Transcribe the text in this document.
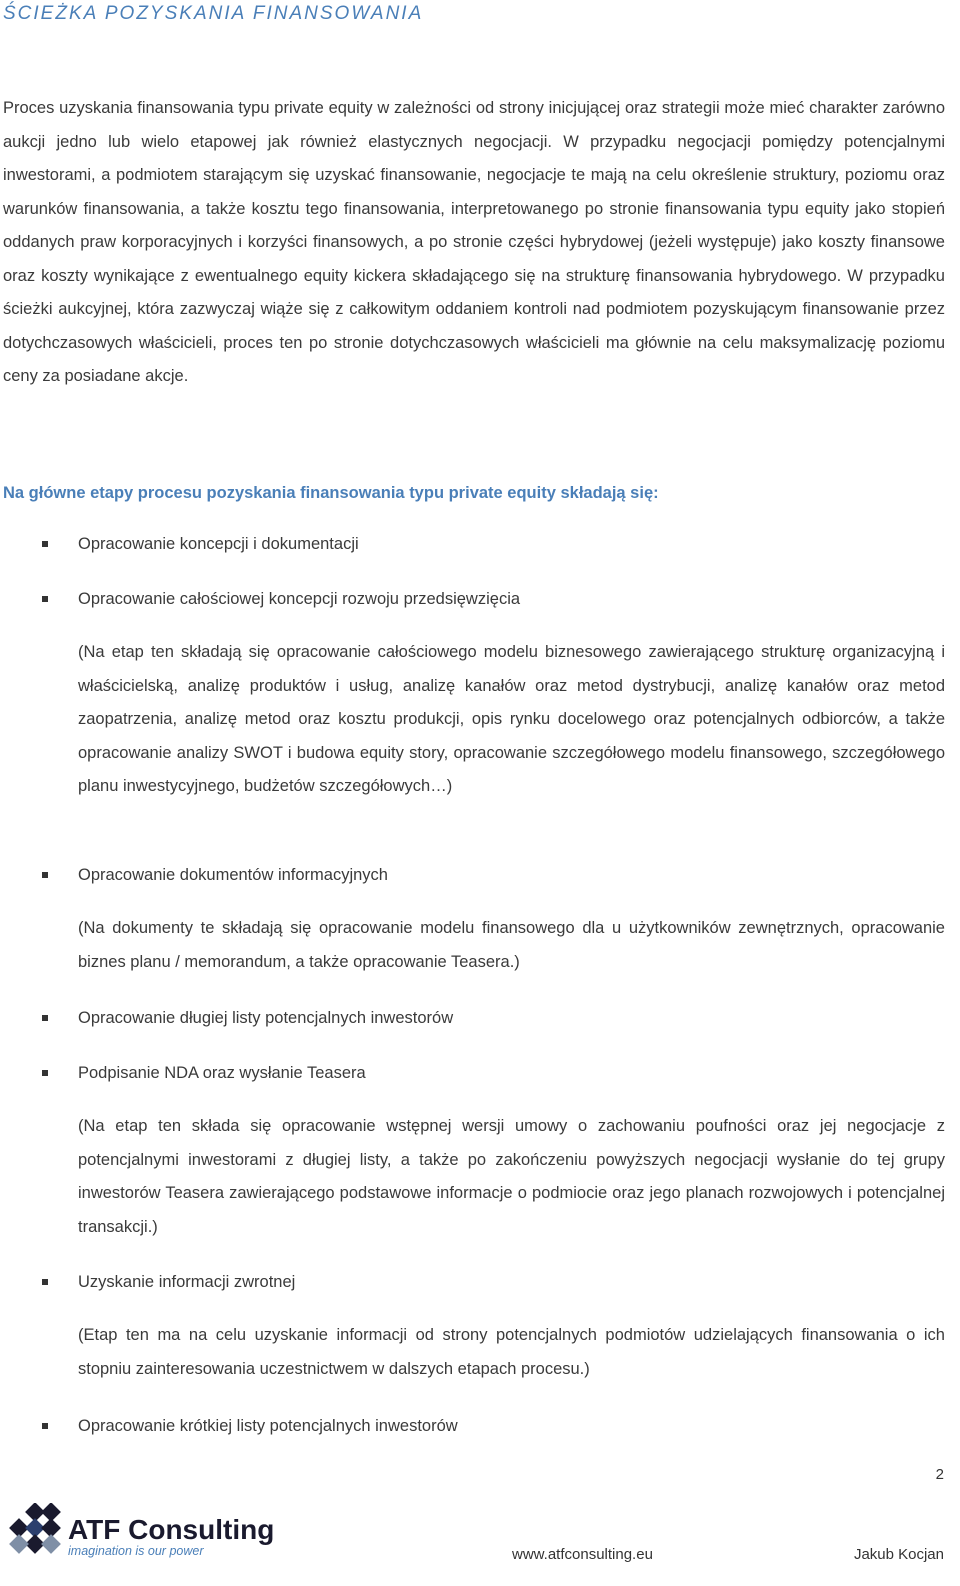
ŚCIEŻKA POZYSKANIA FINANSOWANIA

Proces uzyskania finansowania typu private equity w zależności od strony inicjującej oraz strategii może mieć charakter zarówno aukcji jedno lub wielo etapowej jak również elastycznych negocjacji. W przypadku negocjacji pomiędzy potencjalnymi inwestorami, a podmiotem starającym się uzyskać finansowanie, negocjacje te mają na celu określenie struktury, poziomu oraz warunków finansowania, a także kosztu tego finansowania, interpretowanego po stronie finansowania typu equity jako stopień oddanych praw korporacyjnych i korzyści finansowych, a po stronie części hybrydowej (jeżeli występuje) jako koszty finansowe oraz koszty wynikające z ewentualnego equity kickera składającego się na strukturę finansowania hybrydowego. W przypadku ścieżki aukcyjnej, która zazwyczaj wiąże się z całkowitym oddaniem kontroli nad podmiotem pozyskującym finansowanie przez dotychczasowych właścicieli, proces ten po stronie dotychczasowych właścicieli ma głównie na celu maksymalizację poziomu ceny za posiadane akcje.

Na główne etapy procesu pozyskania finansowania typu private equity składają się:
Opracowanie koncepcji i dokumentacji
Opracowanie całościowej koncepcji rozwoju przedsięwzięcia

(Na etap ten składają się opracowanie całościowego modelu biznesowego zawierającego strukturę organizacyjną i właścicielską, analizę produktów i usług, analizę kanałów oraz metod dystrybucji, analizę kanałów oraz metod zaopatrzenia, analizę metod oraz kosztu produkcji, opis rynku docelowego oraz potencjalnych odbiorców, a także opracowanie analizy SWOT i budowa equity story, opracowanie szczegółowego modelu finansowego, szczegółowego planu inwestycyjnego, budżetów szczegółowych…)

Opracowanie dokumentów informacyjnych

(Na dokumenty te składają się opracowanie modelu finansowego dla u użytkowników zewnętrznych, opracowanie biznes planu / memorandum, a także opracowanie Teasera.)

Opracowanie długiej listy potencjalnych inwestorów
Podpisanie NDA oraz wysłanie Teasera

(Na etap ten składa się opracowanie wstępnej wersji umowy o zachowaniu poufności oraz jej negocjacje z potencjalnymi inwestorami z długiej listy, a także po zakończeniu powyższych negocjacji wysłanie do tej grupy inwestorów Teasera zawierającego podstawowe informacje o podmiocie oraz jego planach rozwojowych i potencjalnej transakcji.)

Uzyskanie informacji zwrotnej

(Etap ten ma na celu uzyskanie informacji od strony potencjalnych podmiotów udzielających finansowania o ich stopniu zainteresowania uczestnictwem w dalszych etapach procesu.)

Opracowanie krótkiej listy potencjalnych inwestorów
2
ATF Consulting
imagination is our power	www.atfconsulting.eu	Jakub Kocjan
